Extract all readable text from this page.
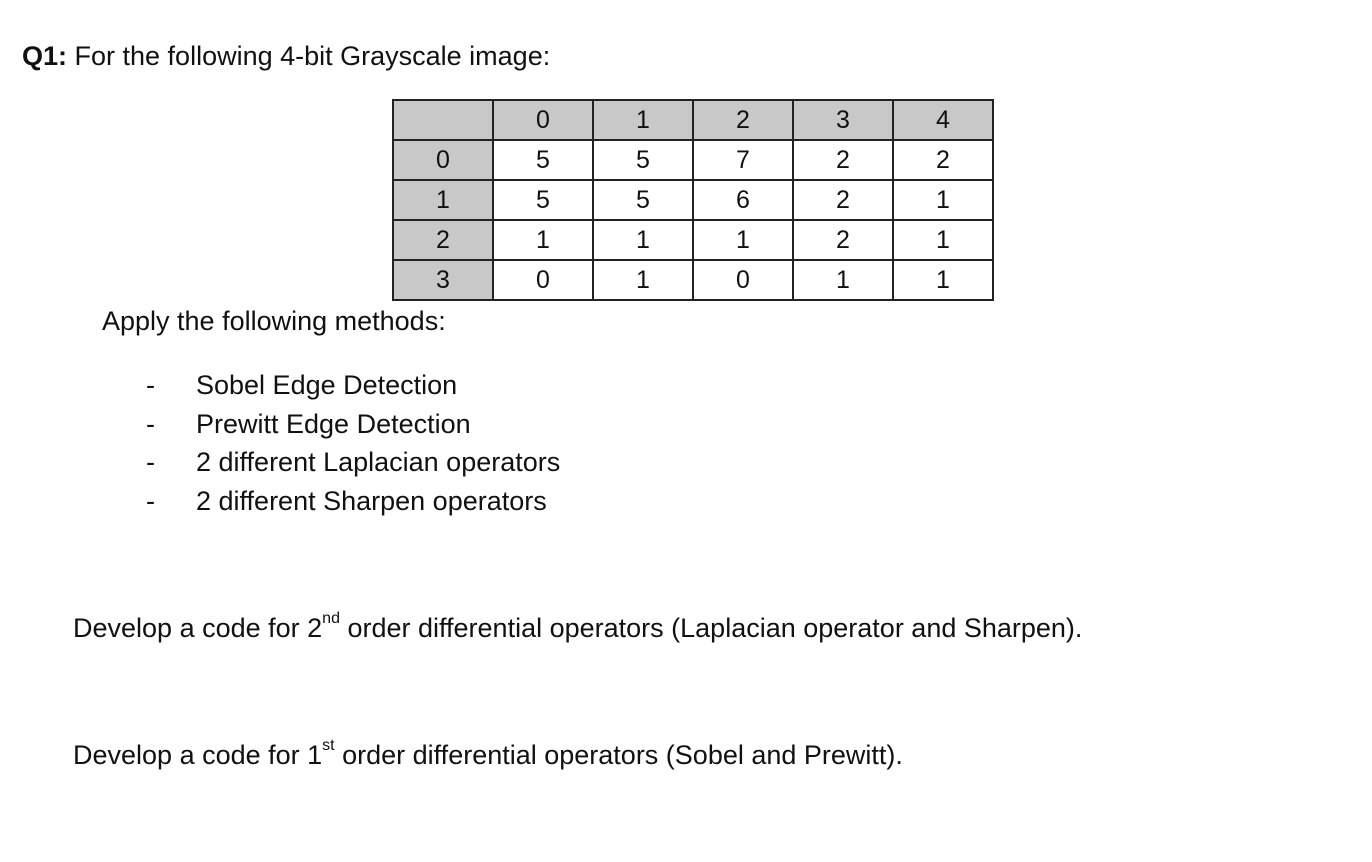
Q1: For the following 4-bit Grayscale image:
	0	1	2	3	4
0	5	5	7	2	2
1	5	5	6	2	1
2	1	1	1	2	1
3	0	1	0	1	1
Apply the following methods:
- Sobel Edge Detection
- Prewitt Edge Detection
- 2 different Laplacian operators
- 2 different Sharpen operators
Develop a code for 2nd order differential operators (Laplacian operator and Sharpen).
Develop a code for 1st order differential operators (Sobel and Prewitt).
